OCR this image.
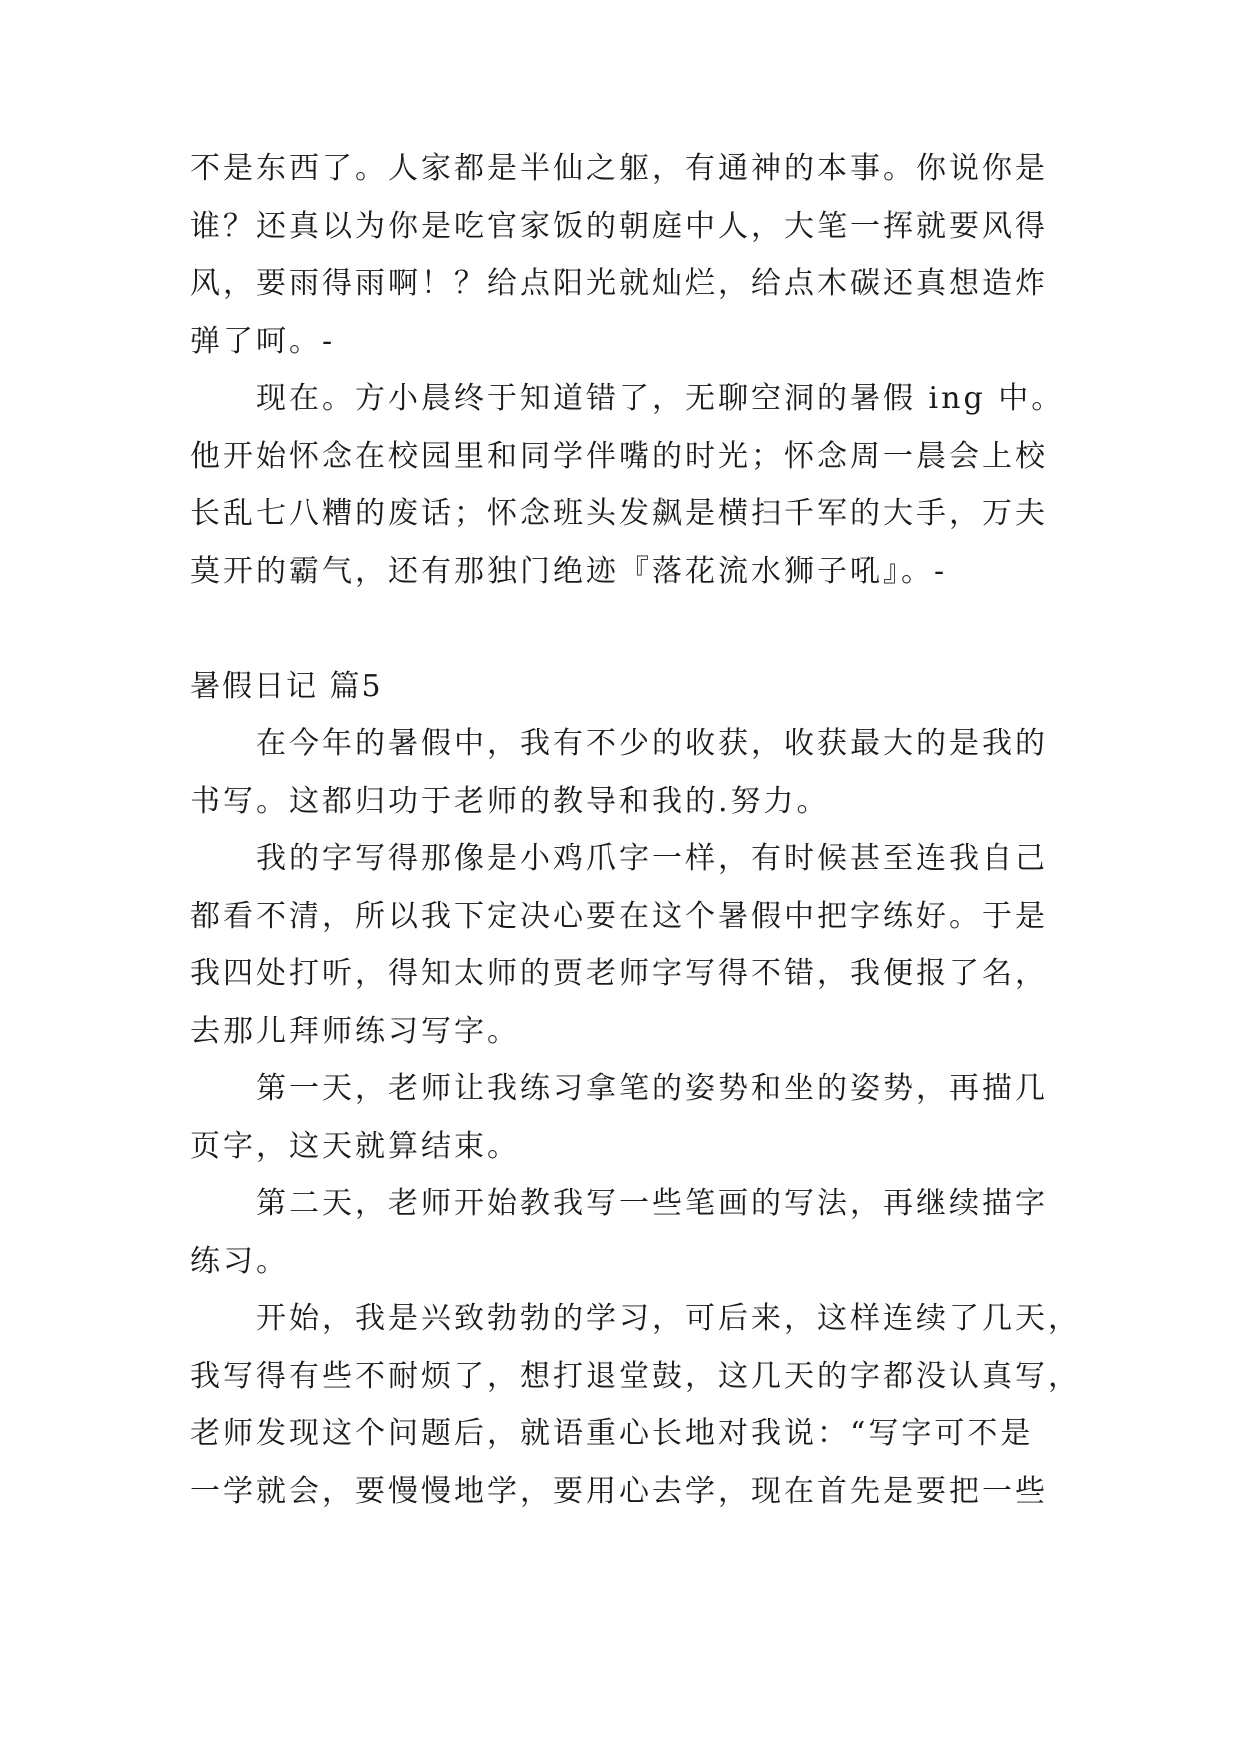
不是东西了。人家都是半仙之躯，有通神的本事。你说你是
谁？还真以为你是吃官家饭的朝庭中人，大笔一挥就要风得
风，要雨得雨啊！？给点阳光就灿烂，给点木碳还真想造炸
弹了呵。-

现在。方小晨终于知道错了，无聊空洞的暑假 ing 中。
他开始怀念在校园里和同学伴嘴的时光；怀念周一晨会上校
长乱七八糟的废话；怀念班头发飙是横扫千军的大手，万夫
莫开的霸气，还有那独门绝迹『落花流水狮子吼』。-

暑假日记 篇5

在今年的暑假中，我有不少的收获，收获最大的是我的
书写。这都归功于老师的教导和我的.努力。

我的字写得那像是小鸡爪字一样，有时候甚至连我自己
都看不清，所以我下定决心要在这个暑假中把字练好。于是
我四处打听，得知太师的贾老师字写得不错，我便报了名，
去那儿拜师练习写字。

第一天，老师让我练习拿笔的姿势和坐的姿势，再描几
页字，这天就算结束。

第二天，老师开始教我写一些笔画的写法，再继续描字
练习。

开始，我是兴致勃勃的学习，可后来，这样连续了几天，
我写得有些不耐烦了，想打退堂鼓，这几天的字都没认真写，
老师发现这个问题后，就语重心长地对我说：“写字可不是
一学就会，要慢慢地学，要用心去学，现在首先是要把一些
